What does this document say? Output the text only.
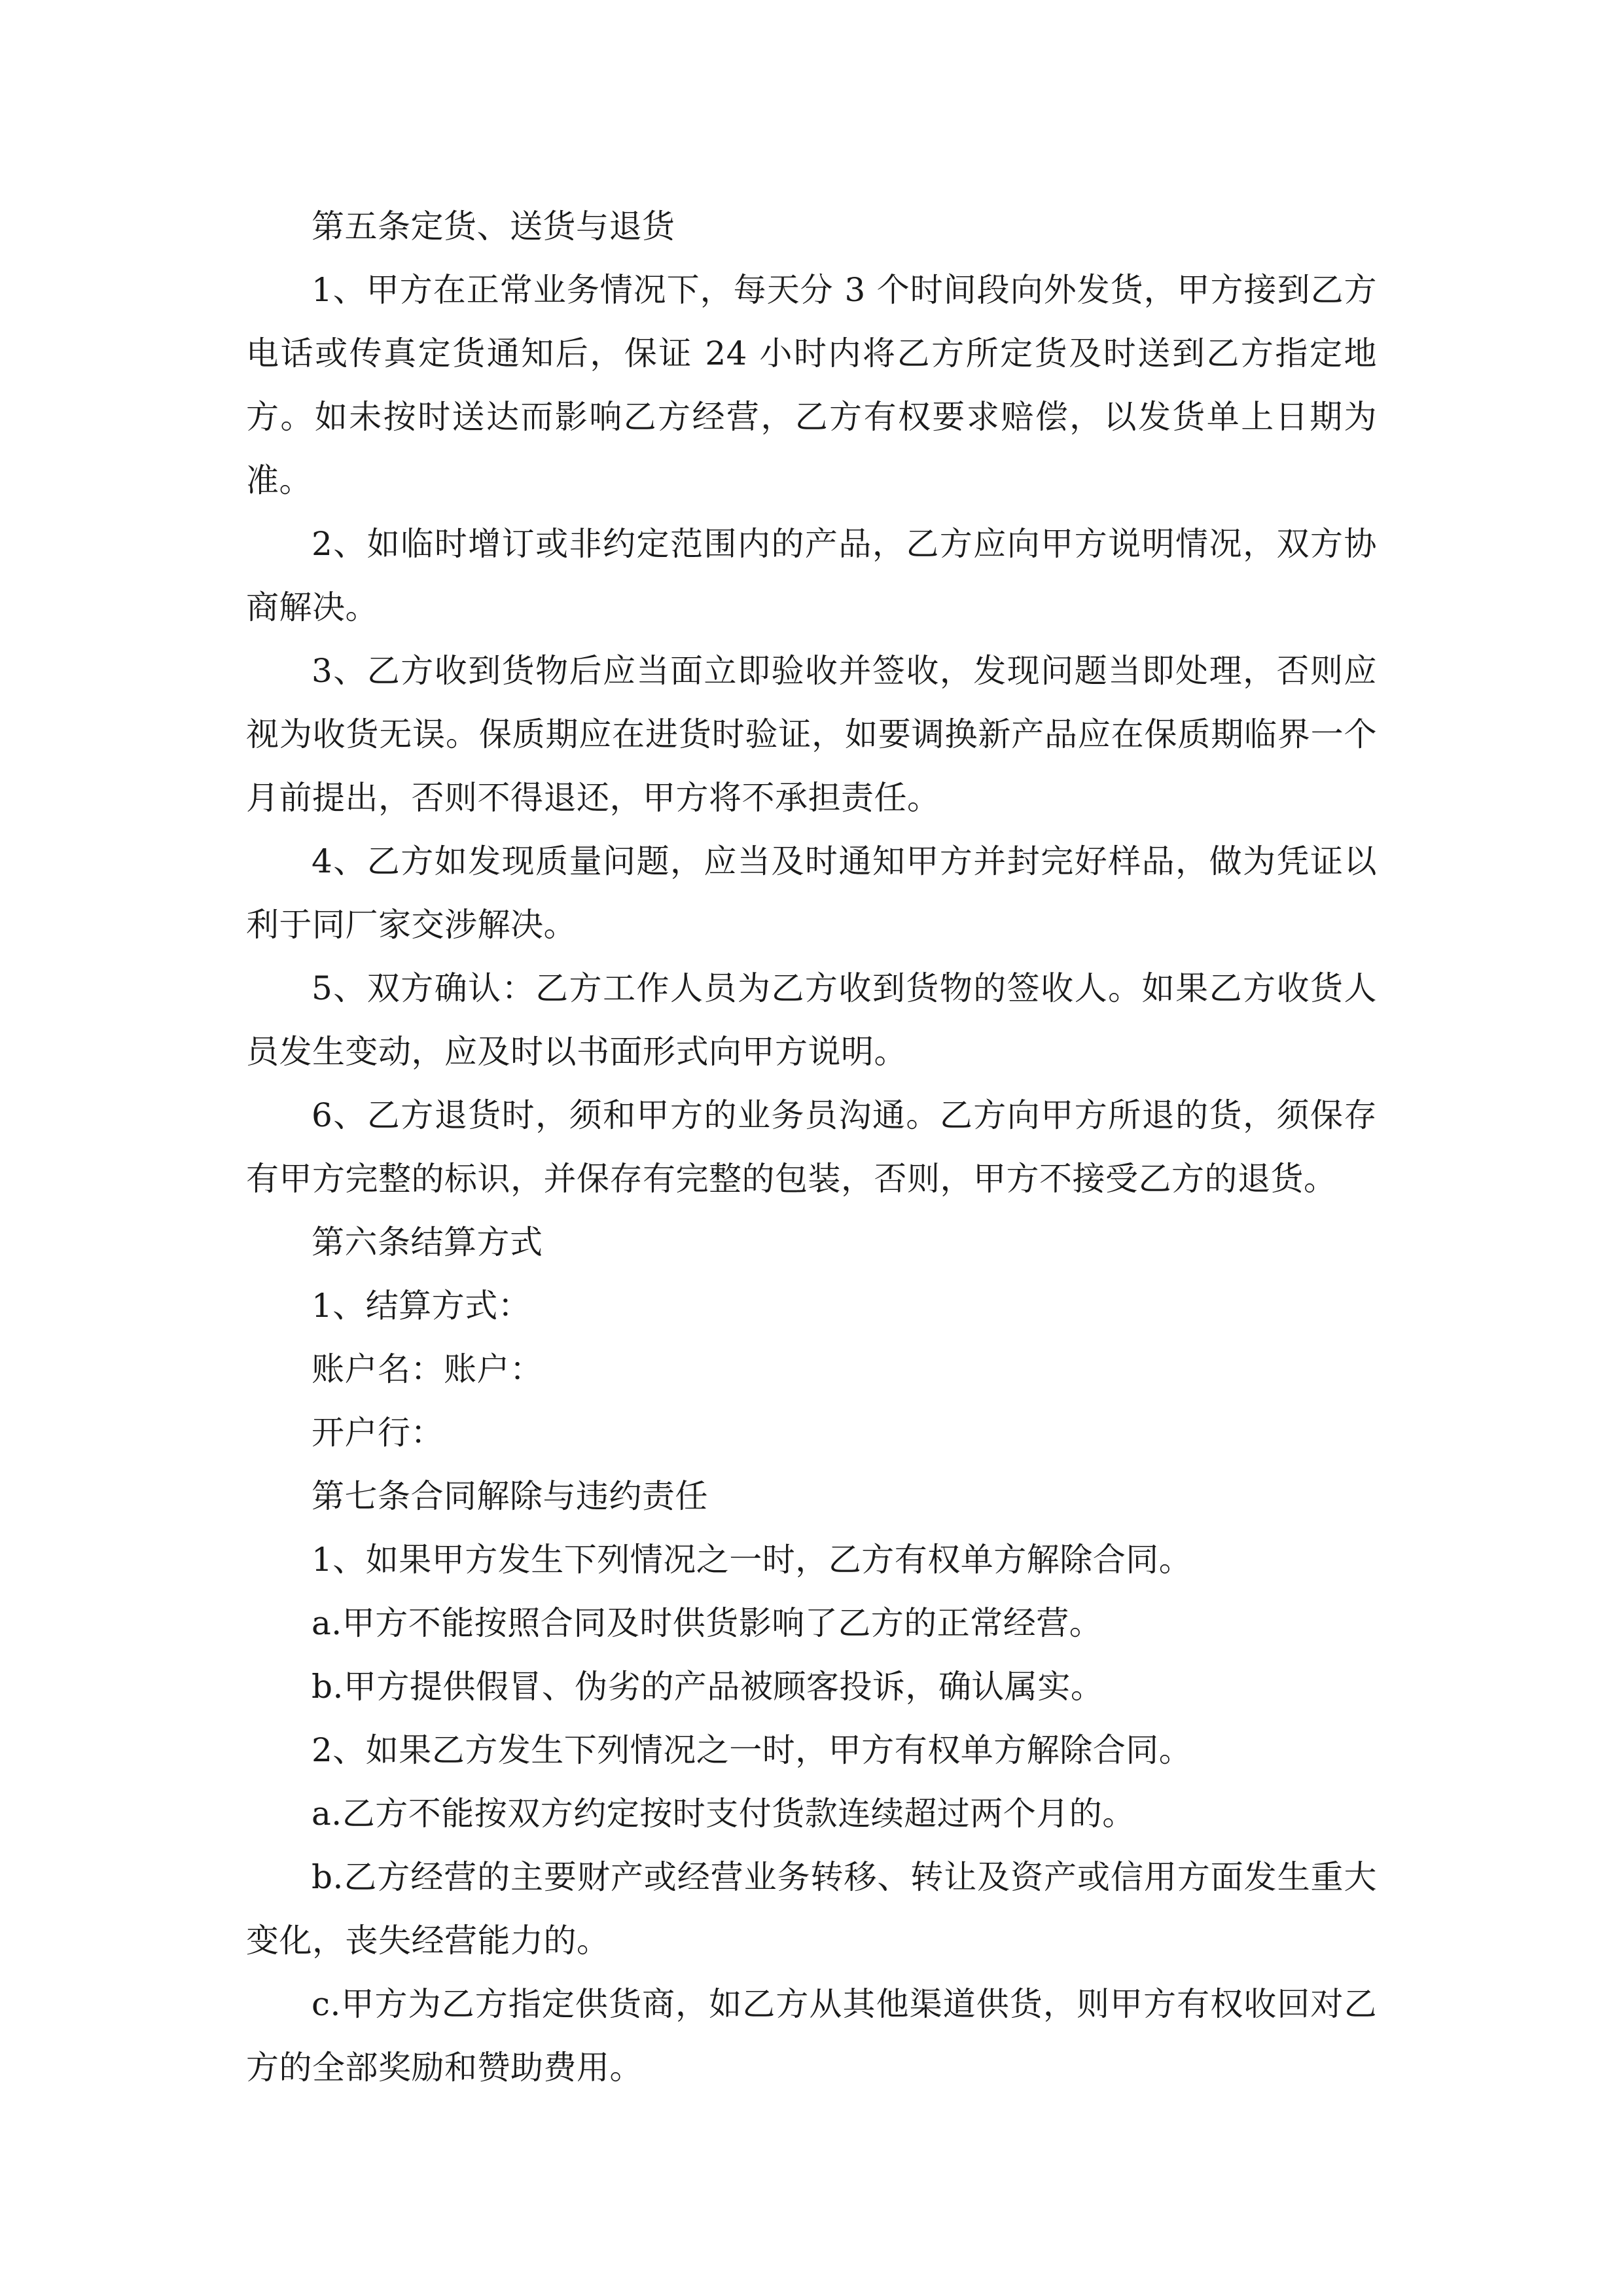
第五条定货、送货与退货

1、甲方在正常业务情况下，每天分 3 个时间段向外发货，甲方接到乙方电话或传真定货通知后，保证 24 小时内将乙方所定货及时送到乙方指定地方。如未按时送达而影响乙方经营，乙方有权要求赔偿，以发货单上日期为准。

2、如临时增订或非约定范围内的产品，乙方应向甲方说明情况，双方协商解决。

3、乙方收到货物后应当面立即验收并签收，发现问题当即处理，否则应视为收货无误。保质期应在进货时验证，如要调换新产品应在保质期临界一个月前提出，否则不得退还，甲方将不承担责任。

4、乙方如发现质量问题，应当及时通知甲方并封完好样品，做为凭证以利于同厂家交涉解决。

5、双方确认：乙方工作人员为乙方收到货物的签收人。如果乙方收货人员发生变动，应及时以书面形式向甲方说明。

6、乙方退货时，须和甲方的业务员沟通。乙方向甲方所退的货，须保存有甲方完整的标识，并保存有完整的包装，否则，甲方不接受乙方的退货。

第六条结算方式

1、结算方式：

账户名：账户：

开户行：

第七条合同解除与违约责任

1、如果甲方发生下列情况之一时，乙方有权单方解除合同。

a.甲方不能按照合同及时供货影响了乙方的正常经营。

b.甲方提供假冒、伪劣的产品被顾客投诉，确认属实。

2、如果乙方发生下列情况之一时，甲方有权单方解除合同。

a.乙方不能按双方约定按时支付货款连续超过两个月的。

b.乙方经营的主要财产或经营业务转移、转让及资产或信用方面发生重大变化，丧失经营能力的。

c.甲方为乙方指定供货商，如乙方从其他渠道供货，则甲方有权收回对乙方的全部奖励和赞助费用。
